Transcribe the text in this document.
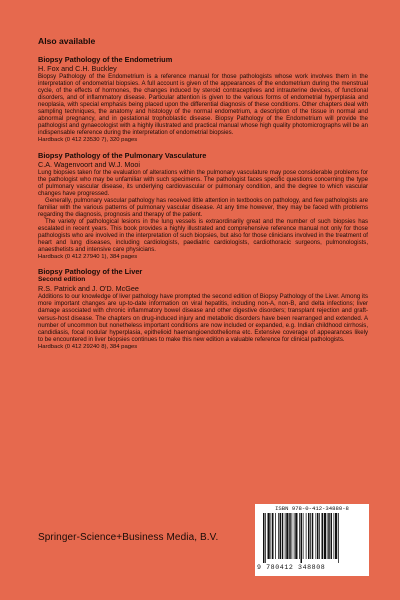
Also available
Biopsy Pathology of the Endometrium
H. Fox and C.H. Buckley

Biopsy Pathology of the Endometrium is a reference manual for those pathologists whose work involves them in the interpretation of endometrial biopsies. A full account is given of the appearances of the endometrium during the menstrual cycle, of the effects of hormones, the changes induced by steroid contraceptives and intrauterine devices, of functional disorders, and of inflammatory disease. Particular attention is given to the various forms of endometrial hyperplasia and neoplasia, with special emphasis being placed upon the differential diagnosis of these conditions. Other chapters deal with sampling techniques, the anatomy and histology of the normal endometrium, a description of the tissue in normal and abnormal pregnancy, and in gestational trophoblastic disease. Biopsy Pathology of the Endometrium will provide the pathologist and gynaecologist with a highly illustrated and practical manual whose high quality photomicrographs will be an indispensable reference during the interpretation of endometrial biopsies.

Hardback (0 412 23530 7), 320 pages
Biopsy Pathology of the Pulmonary Vasculature
C.A. Wagenvoort and W.J. Mooi

Lung biopsies taken for the evaluation of alterations within the pulmonary vasculature may pose considerable problems for the pathologist who may be unfamiliar with such specimens. The pathologist faces specific questions concerning the type of pulmonary vascular disease, its underlying cardiovascular or pulmonary condition, and the degree to which vascular changes have progressed.

Generally, pulmonary vascular pathology has received little attention in textbooks on pathology, and few pathologists are familiar with the various patterns of pulmonary vascular disease. At any time however, they may be faced with problems regarding the diagnosis, prognosis and therapy of the patient.

The variety of pathological lesions in the lung vessels is extraordinarily great and the number of such biopsies has escalated in recent years. This book provides a highly illustrated and comprehensive reference manual not only for those pathologists who are involved in the interpretation of such biopsies, but also for those clinicians involved in the treatment of heart and lung diseases, including cardiologists, paediatric cardiologists, cardiothoracic surgeons, pulmonologists, anaesthetists and intensive care physicians.

Hardback (0 412 27940 1), 384 pages
Biopsy Pathology of the Liver
Second edition
R.S. Patrick and J. O'D. McGee

Additions to our knowledge of liver pathology have prompted the second edition of Biopsy Pathology of the Liver. Among its more important changes are up-to-date information on viral hepatitis, including non-A, non-B, and delta infections; liver damage associated with chronic inflammatory bowel disease and other digestive disorders; transplant rejection and graft-versus-host disease. The chapters on drug-induced injury and metabolic disorders have been rearranged and extended. A number of uncommon but nonetheless important conditions are now included or expanded, e.g. Indian childhood cirrhosis, candidiasis, focal nodular hyperplasia, epithelioid haemangioendothelioma etc. Extensive coverage of appearances likely to be encountered in liver biopsies continues to make this new edition a valuable reference for clinical pathologists.

Hardback (0 412 29240 8), 384 pages
Springer-Science+Business Media, B.V.
ISBN 978-0-412-34880-8
9 780412 348808
